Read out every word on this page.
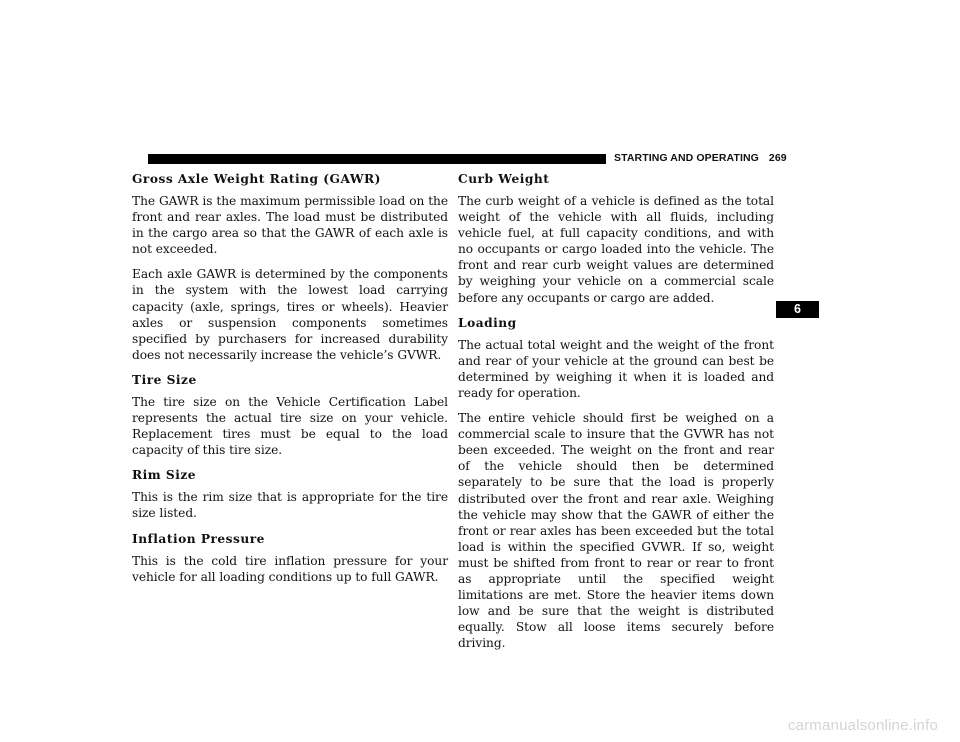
STARTING AND OPERATING 269
6
Gross Axle Weight Rating (GAWR)

The GAWR is the maximum permissible load on the front and rear axles. The load must be distributed in the cargo area so that the GAWR of each axle is not exceeded.

Each axle GAWR is determined by the components in the system with the lowest load carrying capacity (axle, springs, tires or wheels). Heavier axles or suspension components sometimes specified by purchasers for increased durability does not necessarily increase the vehicle’s GVWR.

Tire Size

The tire size on the Vehicle Certification Label represents the actual tire size on your vehicle. Replacement tires must be equal to the load capacity of this tire size.

Rim Size

This is the rim size that is appropriate for the tire size listed.

Inflation Pressure

This is the cold tire inflation pressure for your vehicle for all loading conditions up to full GAWR.

Curb Weight

The curb weight of a vehicle is defined as the total weight of the vehicle with all fluids, including vehicle fuel, at full capacity conditions, and with no occupants or cargo loaded into the vehicle. The front and rear curb weight values are determined by weighing your vehicle on a commercial scale before any occupants or cargo are added.

Loading

The actual total weight and the weight of the front and rear of your vehicle at the ground can best be determined by weighing it when it is loaded and ready for operation.

The entire vehicle should first be weighed on a commercial scale to insure that the GVWR has not been exceeded. The weight on the front and rear of the vehicle should then be determined separately to be sure that the load is properly distributed over the front and rear axle. Weighing the vehicle may show that the GAWR of either the front or rear axles has been exceeded but the total load is within the specified GVWR. If so, weight must be shifted from front to rear or rear to front as appropriate until the specified weight limitations are met. Store the heavier items down low and be sure that the weight is distributed equally. Stow all loose items securely before driving.

carmanualsonline.info
